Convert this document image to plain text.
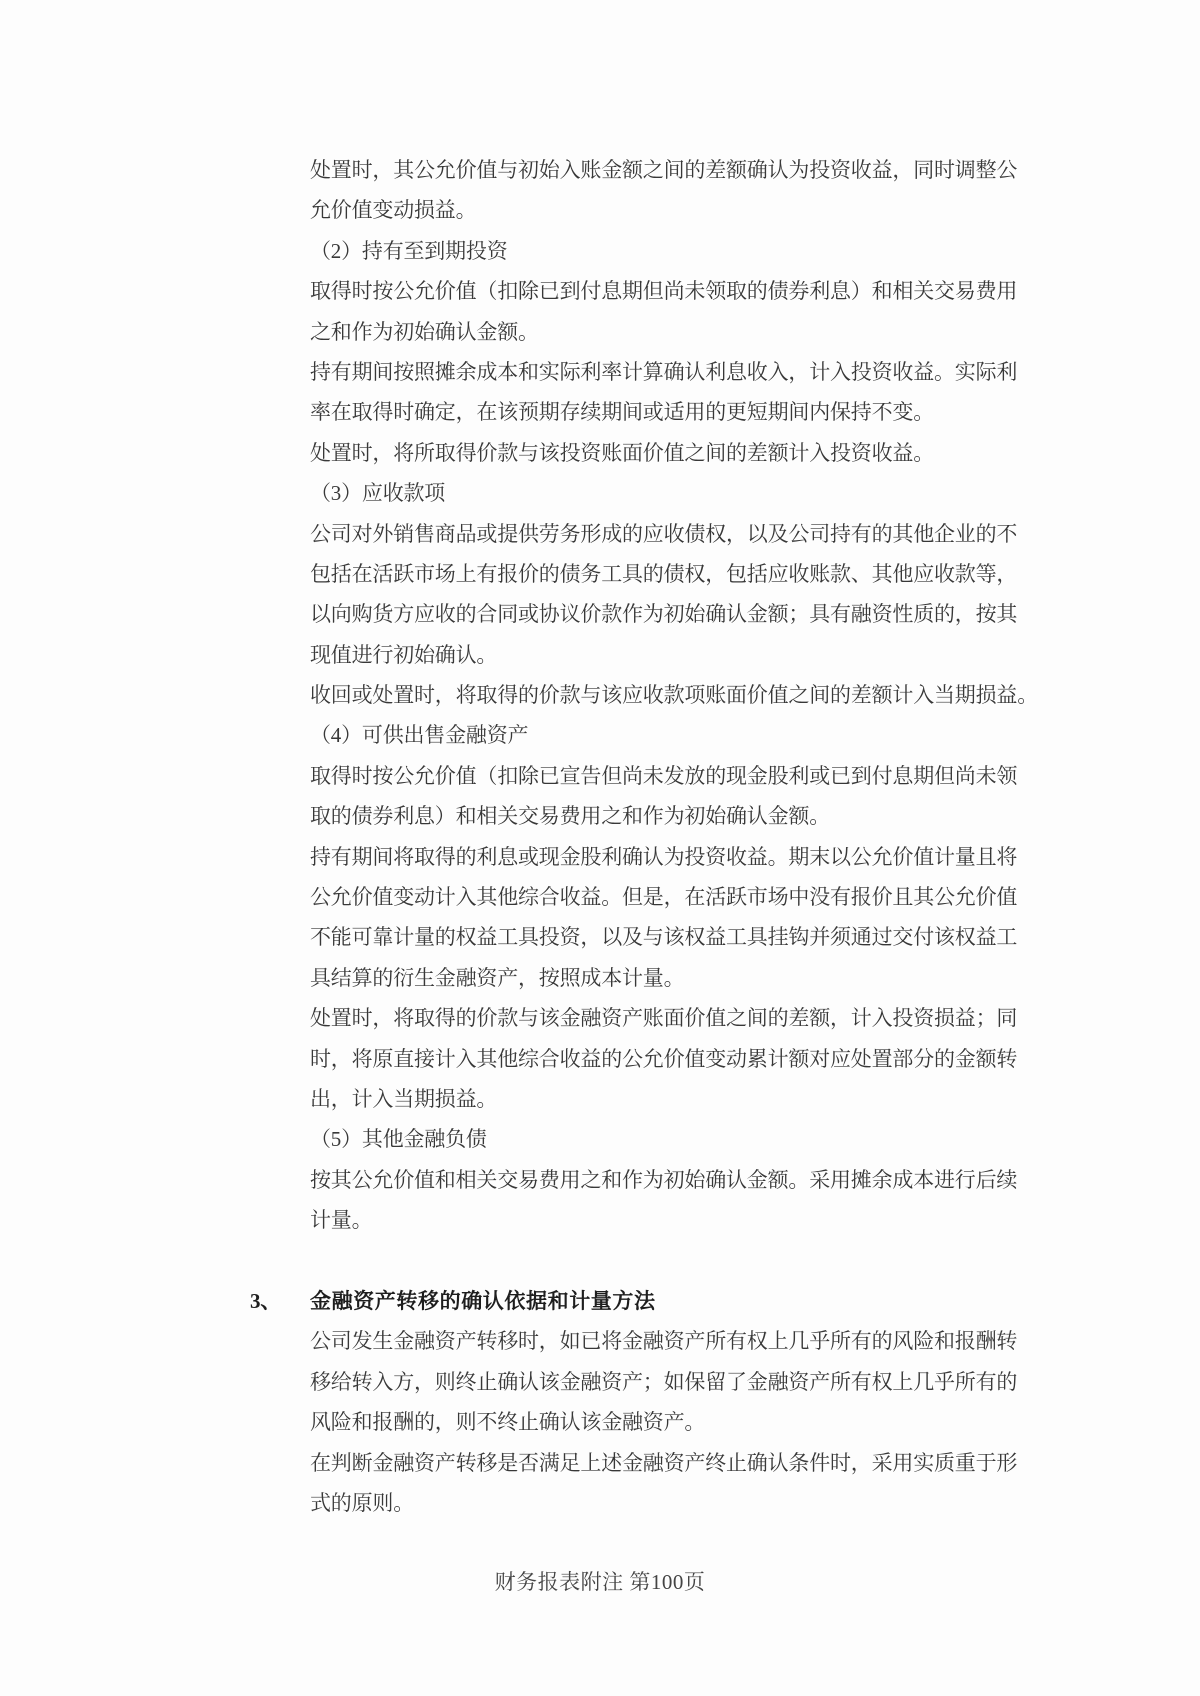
处置时，其公允价值与初始入账金额之间的差额确认为投资收益，同时调整公
允价值变动损益。
（2）持有至到期投资
取得时按公允价值（扣除已到付息期但尚未领取的债券利息）和相关交易费用
之和作为初始确认金额。
持有期间按照摊余成本和实际利率计算确认利息收入，计入投资收益。实际利
率在取得时确定，在该预期存续期间或适用的更短期间内保持不变。
处置时，将所取得价款与该投资账面价值之间的差额计入投资收益。
（3）应收款项
公司对外销售商品或提供劳务形成的应收债权，以及公司持有的其他企业的不
包括在活跃市场上有报价的债务工具的债权，包括应收账款、其他应收款等，
以向购货方应收的合同或协议价款作为初始确认金额；具有融资性质的，按其
现值进行初始确认。
收回或处置时，将取得的价款与该应收款项账面价值之间的差额计入当期损益。
（4）可供出售金融资产
取得时按公允价值（扣除已宣告但尚未发放的现金股利或已到付息期但尚未领
取的债券利息）和相关交易费用之和作为初始确认金额。
持有期间将取得的利息或现金股利确认为投资收益。期末以公允价值计量且将
公允价值变动计入其他综合收益。但是，在活跃市场中没有报价且其公允价值
不能可靠计量的权益工具投资，以及与该权益工具挂钩并须通过交付该权益工
具结算的衍生金融资产，按照成本计量。
处置时，将取得的价款与该金融资产账面价值之间的差额，计入投资损益；同
时，将原直接计入其他综合收益的公允价值变动累计额对应处置部分的金额转
出，计入当期损益。
（5）其他金融负债
按其公允价值和相关交易费用之和作为初始确认金额。采用摊余成本进行后续
计量。
3、 金融资产转移的确认依据和计量方法
公司发生金融资产转移时，如已将金融资产所有权上几乎所有的风险和报酬转
移给转入方，则终止确认该金融资产；如保留了金融资产所有权上几乎所有的
风险和报酬的，则不终止确认该金融资产。
在判断金融资产转移是否满足上述金融资产终止确认条件时，采用实质重于形
式的原则。
财务报表附注 第100页
